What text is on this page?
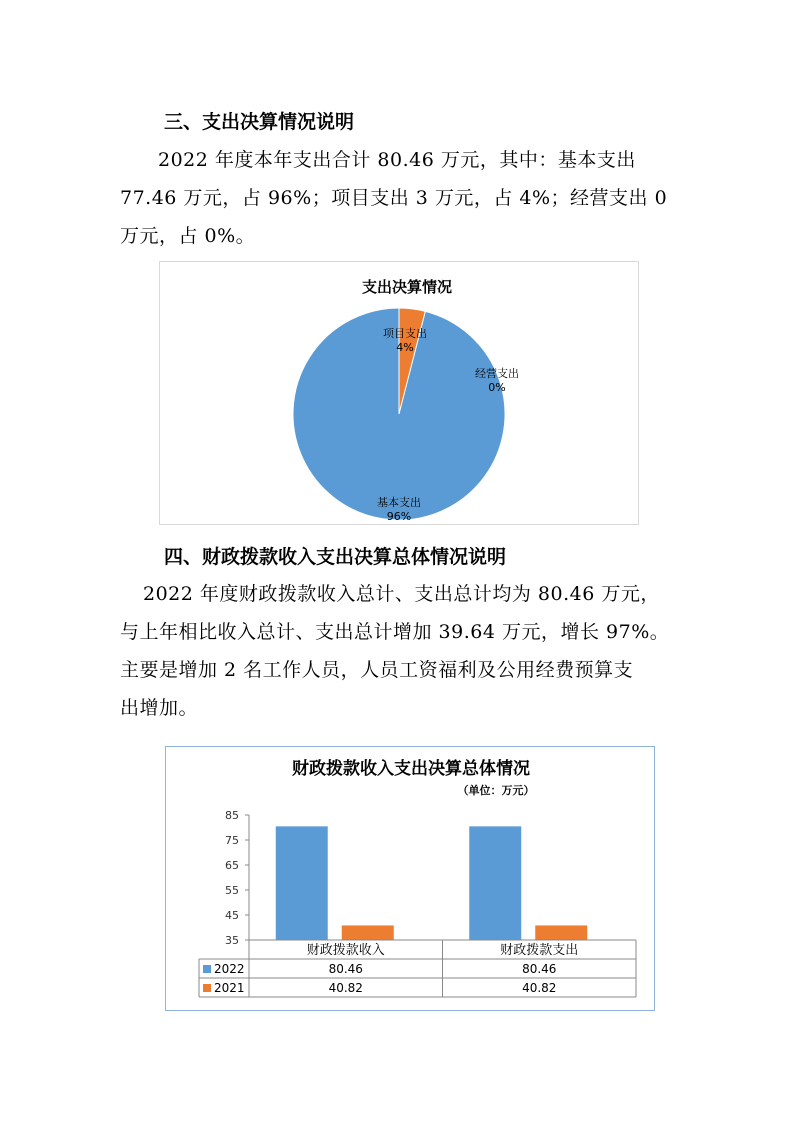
三、支出决算情况说明
2022 年度本年支出合计 80.46 万元，其中：基本支出
77.46 万元，占 96%；项目支出 3 万元，占 4%；经营支出 0
万元，占 0%。
支出决算情况
项目支出
4%
经营支出
0%
基本支出
96%
四、财政拨款收入支出决算总体情况说明
2022 年度财政拨款收入总计、支出总计均为 80.46 万元，
与上年相比收入总计、支出总计增加 39.64 万元，增长 97%。
主要是增加 2 名工作人员，人员工资福利及公用经费预算支
出增加。
财政拨款收入支出决算总体情况
（单位：万元）
85
75
65
55
45
35
财政拨款收入	财政拨款支出
2022	80.46	80.46
2021	40.82	40.82
